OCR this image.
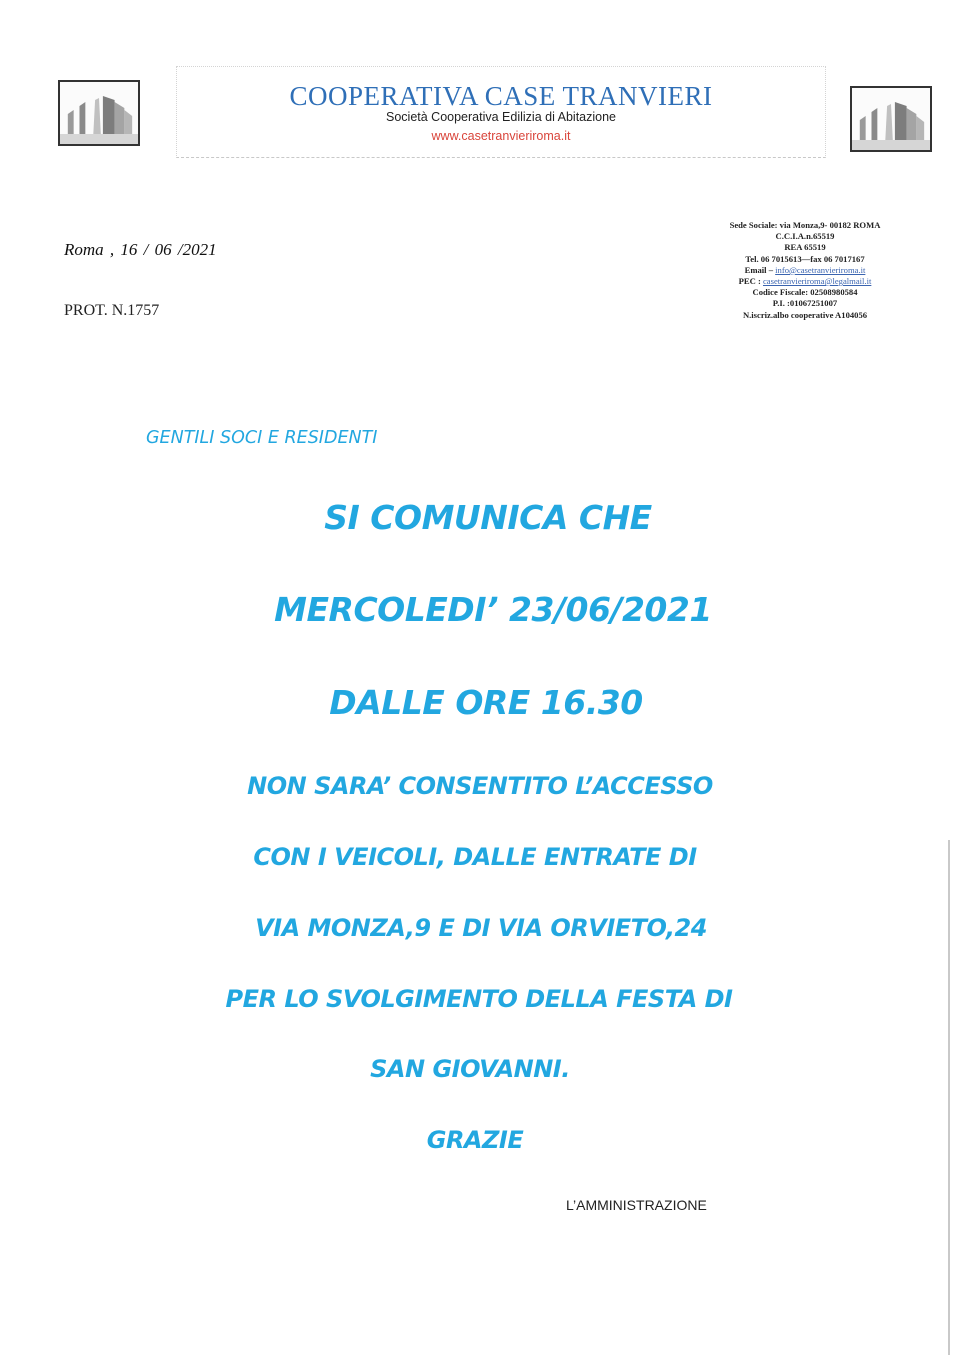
COOPERATIVA CASE TRANVIERI
Società Cooperativa Edilizia di Abitazione
www.casetranvieriroma.it
Roma , 16 / 06 /2021
PROT. N.1757
Sede Sociale: via Monza,9- 00182 ROMA
C.C.I.A.n.65519
REA 65519
Tel. 06 7015613—fax 06 7017167
Email – info@casetranvieriroma.it
PEC : casetranvieriroma@legalmail.it
Codice Fiscale: 02508980584
P.I. :01067251007
N.iscriz.albo cooperative A104056
GENTILI SOCI E RESIDENTI
SI COMUNICA CHE
MERCOLEDI’ 23/06/2021
DALLE ORE 16.30
NON SARA’ CONSENTITO L’ACCESSO
CON I VEICOLI, DALLE ENTRATE DI
VIA MONZA,9 E DI VIA ORVIETO,24
PER LO SVOLGIMENTO DELLA FESTA DI
SAN GIOVANNI.
GRAZIE
L’AMMINISTRAZIONE
